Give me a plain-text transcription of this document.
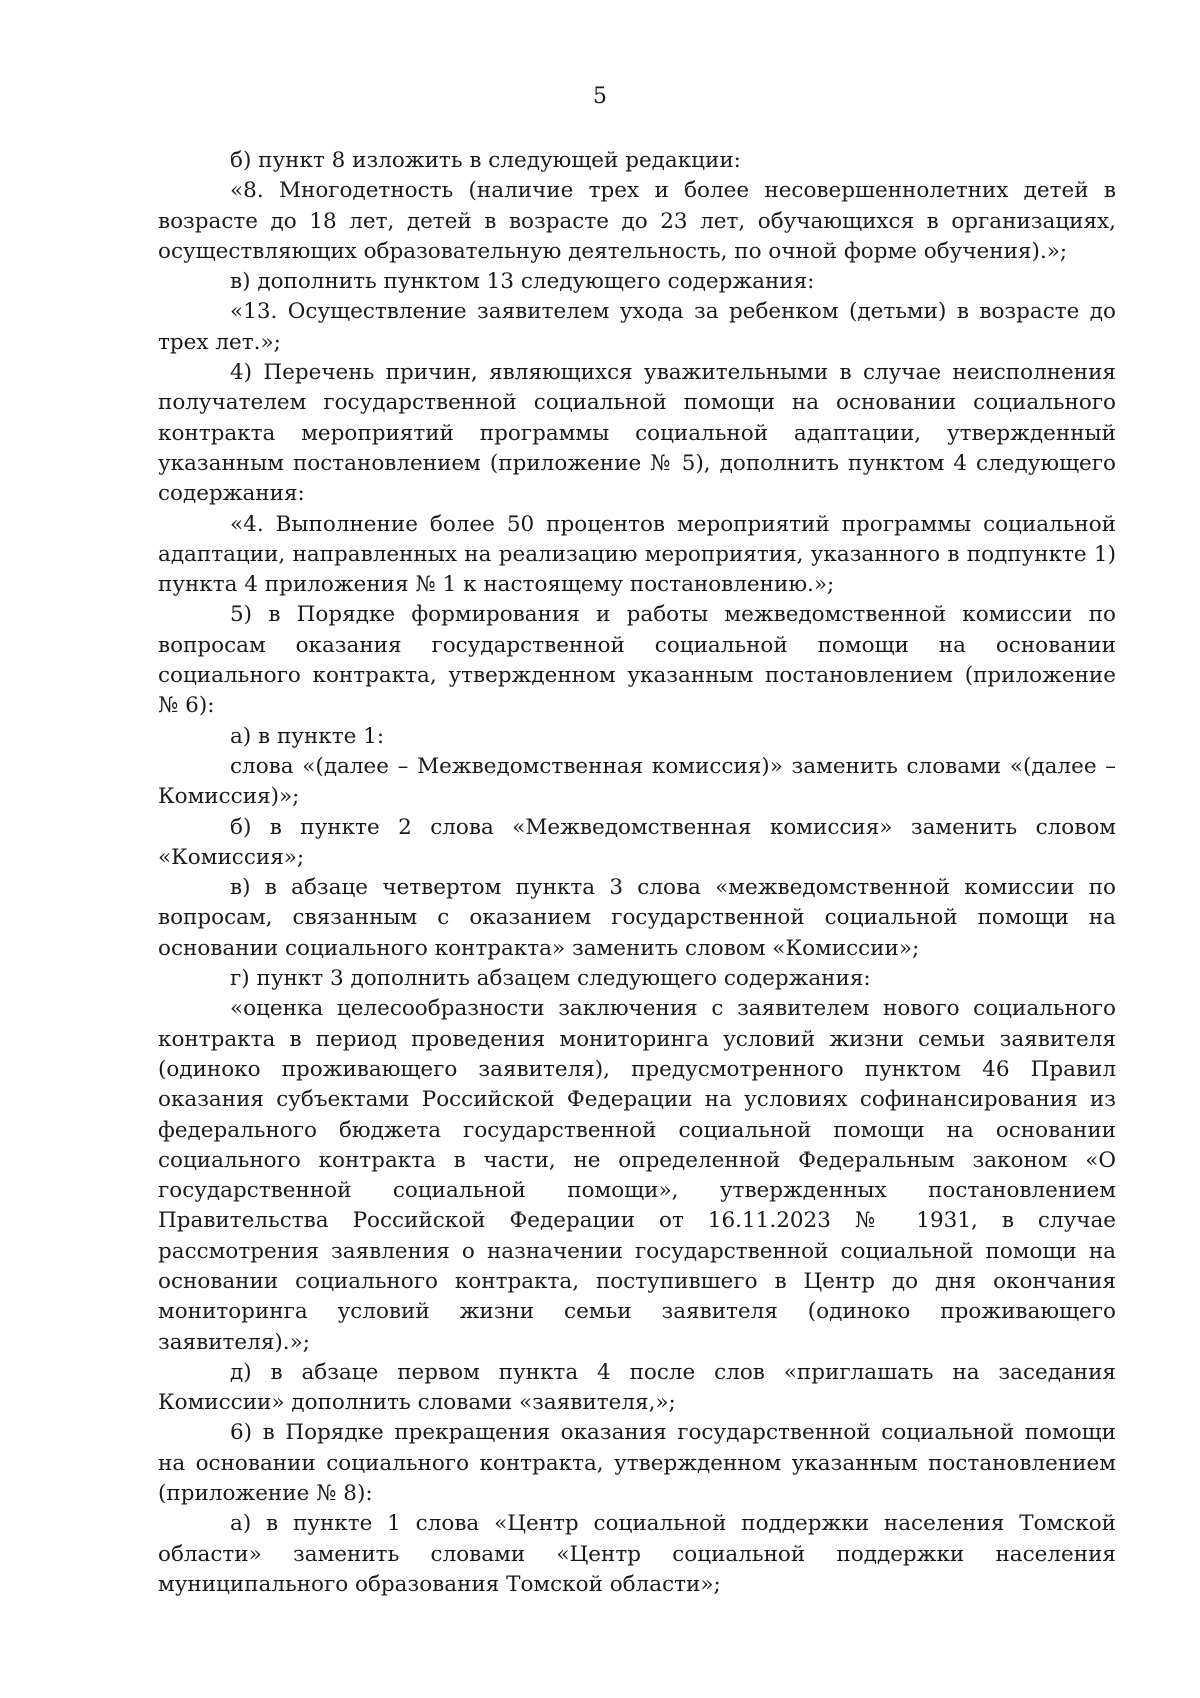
5

б) пункт 8 изложить в следующей редакции:

«8. Многодетность (наличие трех и более несовершеннолетних детей в возрасте до 18 лет, детей в возрасте до 23 лет, обучающихся в организациях, осуществляющих образовательную деятельность, по очной форме обучения).»;

в) дополнить пунктом 13 следующего содержания:

«13. Осуществление заявителем ухода за ребенком (детьми) в возрасте до трех лет.»;

4) Перечень причин, являющихся уважительными в случае неисполнения получателем государственной социальной помощи на основании социального контракта мероприятий программы социальной адаптации, утвержденный указанным постановлением (приложение № 5), дополнить пунктом 4 следующего содержания:

«4. Выполнение более 50 процентов мероприятий программы социальной адаптации, направленных на реализацию мероприятия, указанного в подпункте 1) пункта 4 приложения № 1 к настоящему постановлению.»;

5) в Порядке формирования и работы межведомственной комиссии по вопросам оказания государственной социальной помощи на основании социального контракта, утвержденном указанным постановлением (приложение № 6):

а) в пункте 1:

слова «(далее – Межведомственная комиссия)» заменить словами «(далее – Комиссия)»;

б) в пункте 2 слова «Межведомственная комиссия» заменить словом «Комиссия»;

в) в абзаце четвертом пункта 3 слова «межведомственной комиссии по вопросам, связанным с оказанием государственной социальной помощи на основании социального контракта» заменить словом «Комиссии»;

г) пункт 3 дополнить абзацем следующего содержания:

«оценка целесообразности заключения с заявителем нового социального контракта в период проведения мониторинга условий жизни семьи заявителя (одиноко проживающего заявителя), предусмотренного пунктом 46 Правил оказания субъектами Российской Федерации на условиях софинансирования из федерального бюджета государственной социальной помощи на основании социального контракта в части, не определенной Федеральным законом «О государственной социальной помощи», утвержденных постановлением Правительства Российской Федерации от 16.11.2023 № 1931, в случае рассмотрения заявления о назначении государственной социальной помощи на основании социального контракта, поступившего в Центр до дня окончания мониторинга условий жизни семьи заявителя (одиноко проживающего заявителя).»;

д) в абзаце первом пункта 4 после слов «приглашать на заседания Комиссии» дополнить словами «заявителя,»;

6) в Порядке прекращения оказания государственной социальной помощи на основании социального контракта, утвержденном указанным постановлением (приложение № 8):

а) в пункте 1 слова «Центр социальной поддержки населения Томской области» заменить словами «Центр социальной поддержки населения муниципального образования Томской области»;
